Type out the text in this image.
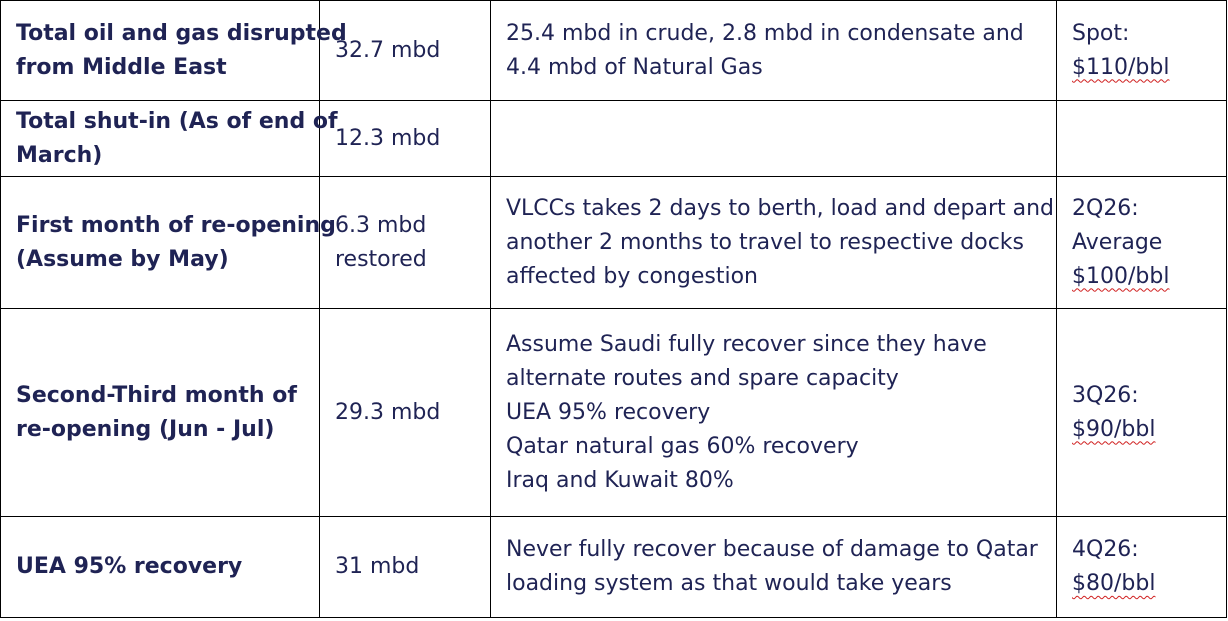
Total oil and gas disrupted
from Middle East	32.7 mbd	25.4 mbd in crude, 2.8 mbd in condensate and
4.4 mbd of Natural Gas	Spot:
$110/bbl

Total shut-in (As of end of
March)	12.3 mbd		

First month of re-opening
(Assume by May)	6.3 mbd
restored	VLCCs takes 2 days to berth, load and depart and
another 2 months to travel to respective docks
affected by congestion	2Q26:
Average
$100/bbl

Second-Third month of
re-opening (Jun - Jul)	29.3 mbd	Assume Saudi fully recover since they have
alternate routes and spare capacity
UEA 95% recovery
Qatar natural gas 60% recovery
Iraq and Kuwait 80%	3Q26:
$90/bbl

UEA 95% recovery	31 mbd	Never fully recover because of damage to Qatar
loading system as that would take years	4Q26:
$80/bbl
